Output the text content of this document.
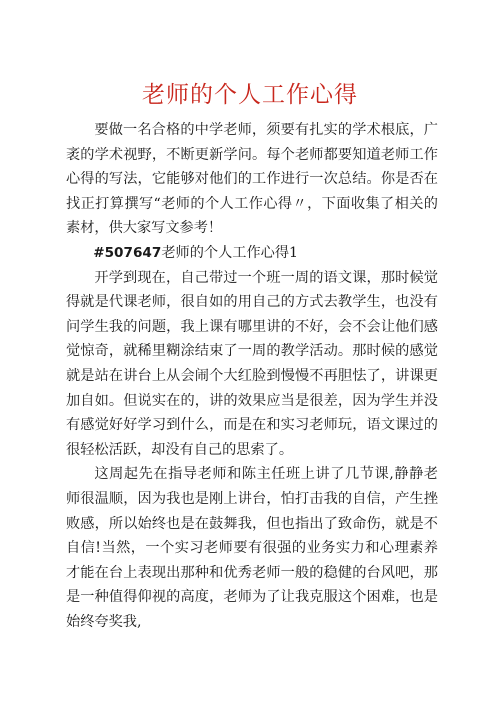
老师的个人工作心得

要做一名合格的中学老师，须要有扎实的学术根底，广袤的学术视野，不断更新学问。每个老师都要知道老师工作心得的写法，它能够对他们的工作进行一次总结。你是否在找正打算撰写“老师的个人工作心得〃，下面收集了相关的素材，供大家写文参考！

#507647老师的个人工作心得1

开学到现在，自己带过一个班一周的语文课，那时候觉得就是代课老师，很自如的用自己的方式去教学生，也没有问学生我的问题，我上课有哪里讲的不好，会不会让他们感觉惊奇，就稀里糊涂结束了一周的教学活动。那时候的感觉就是站在讲台上从会闹个大红脸到慢慢不再胆怯了，讲课更加自如。但说实在的，讲的效果应当是很差，因为学生并没有感觉好好学习到什么，而是在和实习老师玩，语文课过的很轻松活跃，却没有自己的思索了。

这周起先在指导老师和陈主任班上讲了几节课,静静老师很温顺，因为我也是刚上讲台，怕打击我的自信，产生挫败感，所以始终也是在鼓舞我，但也指出了致命伤，就是不自信!当然，一个实习老师要有很强的业务实力和心理素养才能在台上表现出那种和优秀老师一般的稳健的台风吧，那是一种值得仰视的高度，老师为了让我克服这个困难，也是始终夸奖我,
